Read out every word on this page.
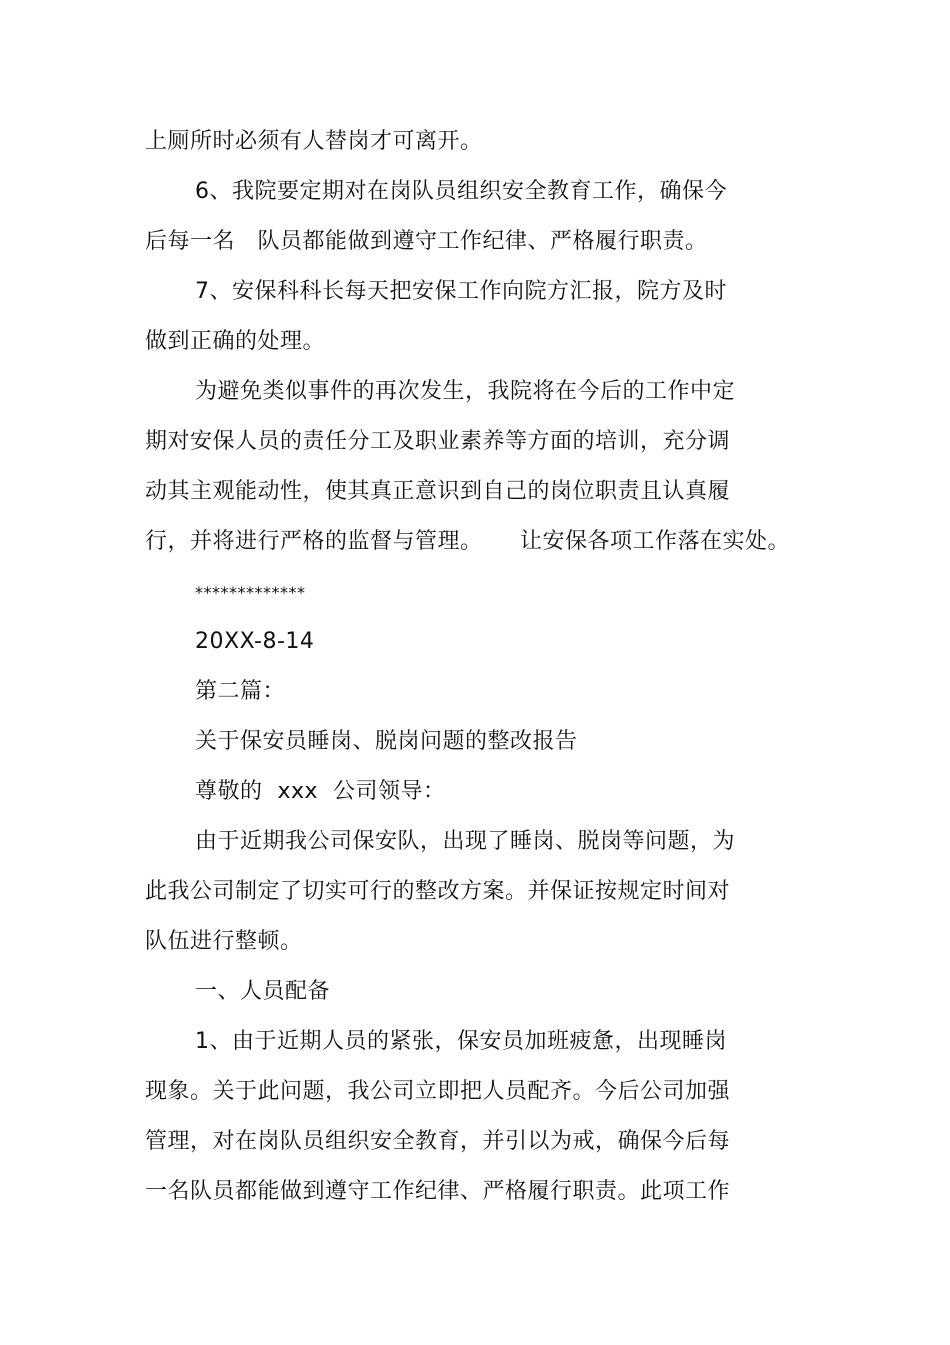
上厕所时必须有人替岗才可离开。
6、我院要定期对在岗队员组织安全教育工作，确保今
后每一名   队员都能做到遵守工作纪律、严格履行职责。
7、安保科科长每天把安保工作向院方汇报，院方及时
做到正确的处理。
为避免类似事件的再次发生，我院将在今后的工作中定
期对安保人员的责任分工及职业素养等方面的培训，充分调
动其主观能动性，使其真正意识到自己的岗位职责且认真履
行，并将进行严格的监督与管理。     让安保各项工作落在实处。
*************
20XX-8-14
第二篇：
关于保安员睡岗、脱岗问题的整改报告
尊敬的  xxx  公司领导：
由于近期我公司保安队，出现了睡岗、脱岗等问题，为
此我公司制定了切实可行的整改方案。并保证按规定时间对
队伍进行整顿。
一、人员配备
1、由于近期人员的紧张，保安员加班疲惫，出现睡岗
现象。关于此问题，我公司立即把人员配齐。今后公司加强
管理，对在岗队员组织安全教育，并引以为戒，确保今后每
一名队员都能做到遵守工作纪律、严格履行职责。此项工作
